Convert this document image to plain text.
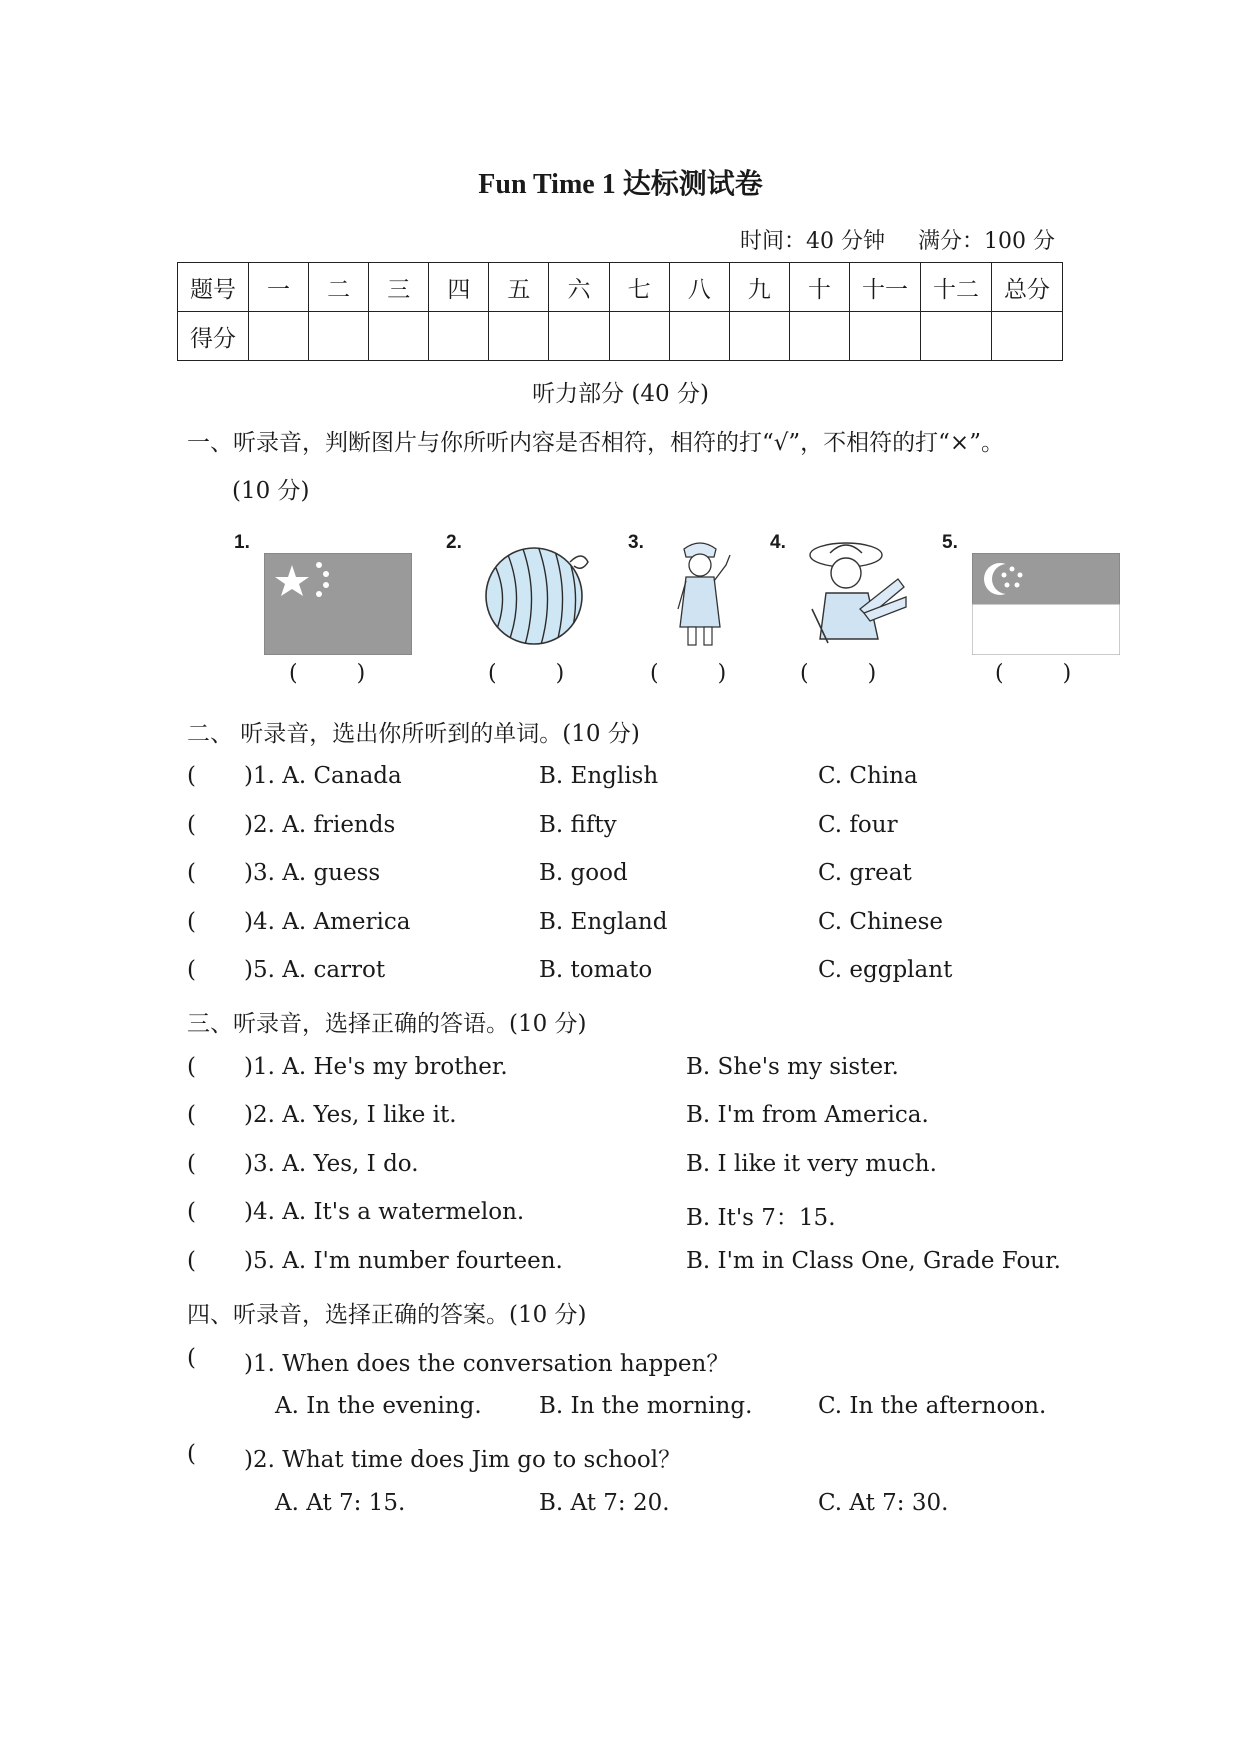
Fun Time 1 达标测试卷
时间：40 分钟 满分：100 分
题号	一	二	三	四	五	六	七	八	九	十	十一	十二	总分
得分													
听力部分 (40 分)
一、听录音，判断图片与你所听内容是否相符，相符的打“√”，不相符的打“×”。
(10 分)
1.
( )
2.
( )
3.
( )
4.
( )
5.
( )
二、 听录音，选出你所听到的单词。(10 分)
( )1. A. Canada	B. English	C. China
( )2. A. friends	B. fifty	C. four
( )3. A. guess	B. good	C. great
( )4. A. America	B. England	C. Chinese
( )5. A. carrot	B. tomato	C. eggplant
三、听录音，选择正确的答语。(10 分)
( )1. A. He's my brother.	B. She's my sister.
( )2. A. Yes, I like it.	B. I'm from America.
( )3. A. Yes, I do.	B. I like it very much.
( )4. A. It's a watermelon.	B. It's 7：15.
( )5. A. I'm number fourteen.	B. I'm in Class One, Grade Four.
四、听录音，选择正确的答案。(10 分)
( )1. When does the conversation happen？
A. In the evening. B. In the morning.	C. In the afternoon.
( )2. What time does Jim go to school？
A. At 7: 15.	B. At 7: 20.	C. At 7: 30.
